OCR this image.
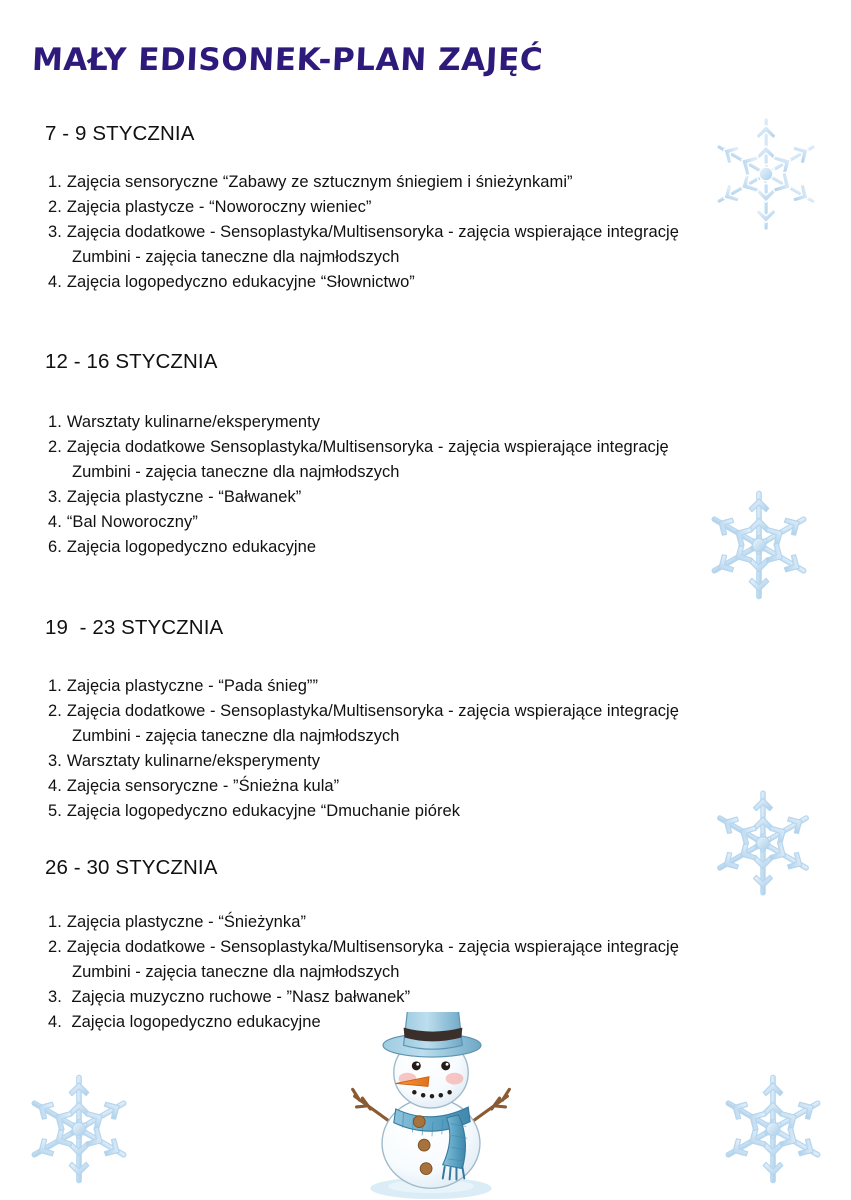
MAŁY EDISONEK-PLAN ZAJĘĆ
7 - 9 STYCZNIA
1. Zajęcia sensoryczne “Zabawy ze sztucznym śniegiem i śnieżynkami”
2. Zajęcia plastycze - “Noworoczny wieniec”
3. Zajęcia dodatkowe - Sensoplastyka/Multisensoryka - zajęcia wspierające integrację
Zumbini - zajęcia taneczne dla najmłodszych
4. Zajęcia logopedyczno edukacyjne “Słownictwo”
12 - 16 STYCZNIA
1. Warsztaty kulinarne/eksperymenty
2. Zajęcia dodatkowe Sensoplastyka/Multisensoryka - zajęcia wspierające integrację
Zumbini - zajęcia taneczne dla najmłodszych
3. Zajęcia plastyczne - “Bałwanek”
4. “Bal Noworoczny”
6. Zajęcia logopedyczno edukacyjne
19  - 23 STYCZNIA
1. Zajęcia plastyczne - “Pada śnieg””
2. Zajęcia dodatkowe - Sensoplastyka/Multisensoryka - zajęcia wspierające integrację
Zumbini - zajęcia taneczne dla najmłodszych
3. Warsztaty kulinarne/eksperymenty
4. Zajęcia sensoryczne - ”Śnieżna kula”
5. Zajęcia logopedyczno edukacyjne “Dmuchanie piórek
26 - 30 STYCZNIA
1. Zajęcia plastyczne - “Śnieżynka”
2. Zajęcia dodatkowe - Sensoplastyka/Multisensoryka - zajęcia wspierające integrację
Zumbini - zajęcia taneczne dla najmłodszych
3. Zajęcia muzyczno ruchowe - ”Nasz bałwanek”
4. Zajęcia logopedyczno edukacyjne
